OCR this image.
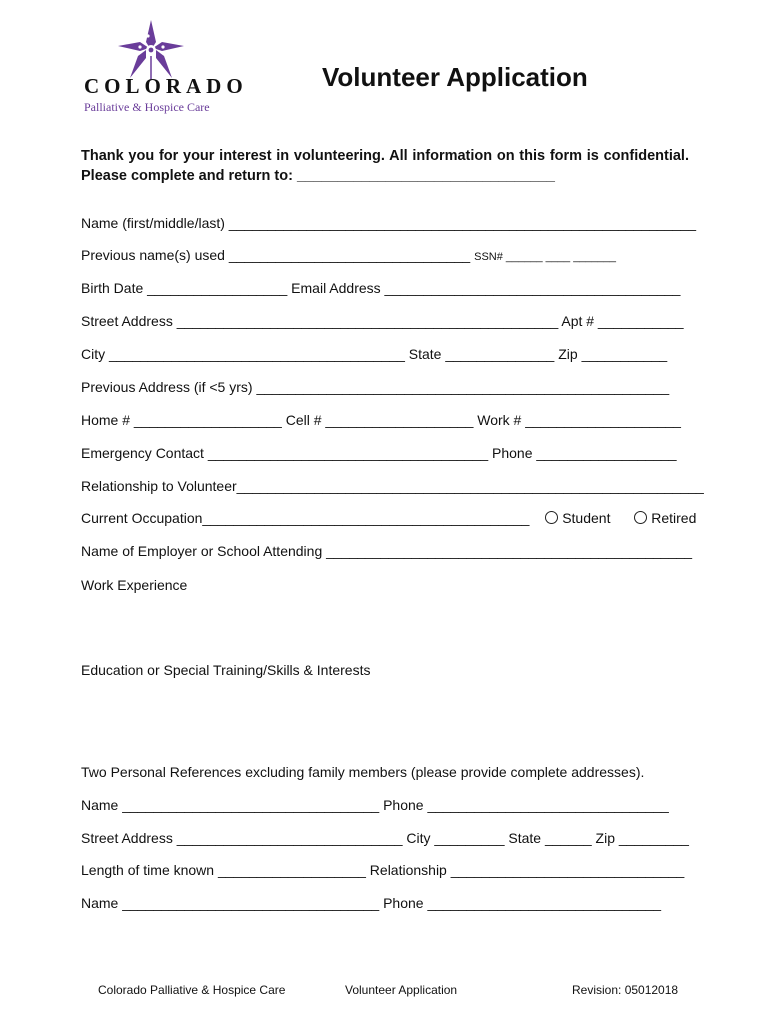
COLORADO
Palliative & Hospice Care
Volunteer Application
Thank you for your interest in volunteering. All information on this form is confidential. Please complete and return to: ________________________________
Name (first/middle/last) ____________________________________________________________
Previous name(s) used _______________________________ SSN# ______ ____ _______
Birth Date __________________ Email Address ______________________________________
Street Address _________________________________________________ Apt # ___________
City ______________________________________ State ______________ Zip ___________
Previous Address (if <5 yrs) _____________________________________________________
Home # ___________________ Cell # ___________________ Work # ____________________
Emergency Contact ____________________________________ Phone __________________
Relationship to Volunteer____________________________________________________________
Current Occupation__________________________________________  Student	Retired
Name of Employer or School Attending _______________________________________________
Work Experience
Education or Special Training/Skills & Interests
Two Personal References excluding family members (please provide complete addresses).
Name _________________________________ Phone _______________________________
Street Address _____________________________ City _________ State ______ Zip _________
Length of time known ___________________ Relationship ______________________________
Name _________________________________ Phone ______________________________
Colorado Palliative & Hospice Care	Volunteer Application	Revision: 05012018
